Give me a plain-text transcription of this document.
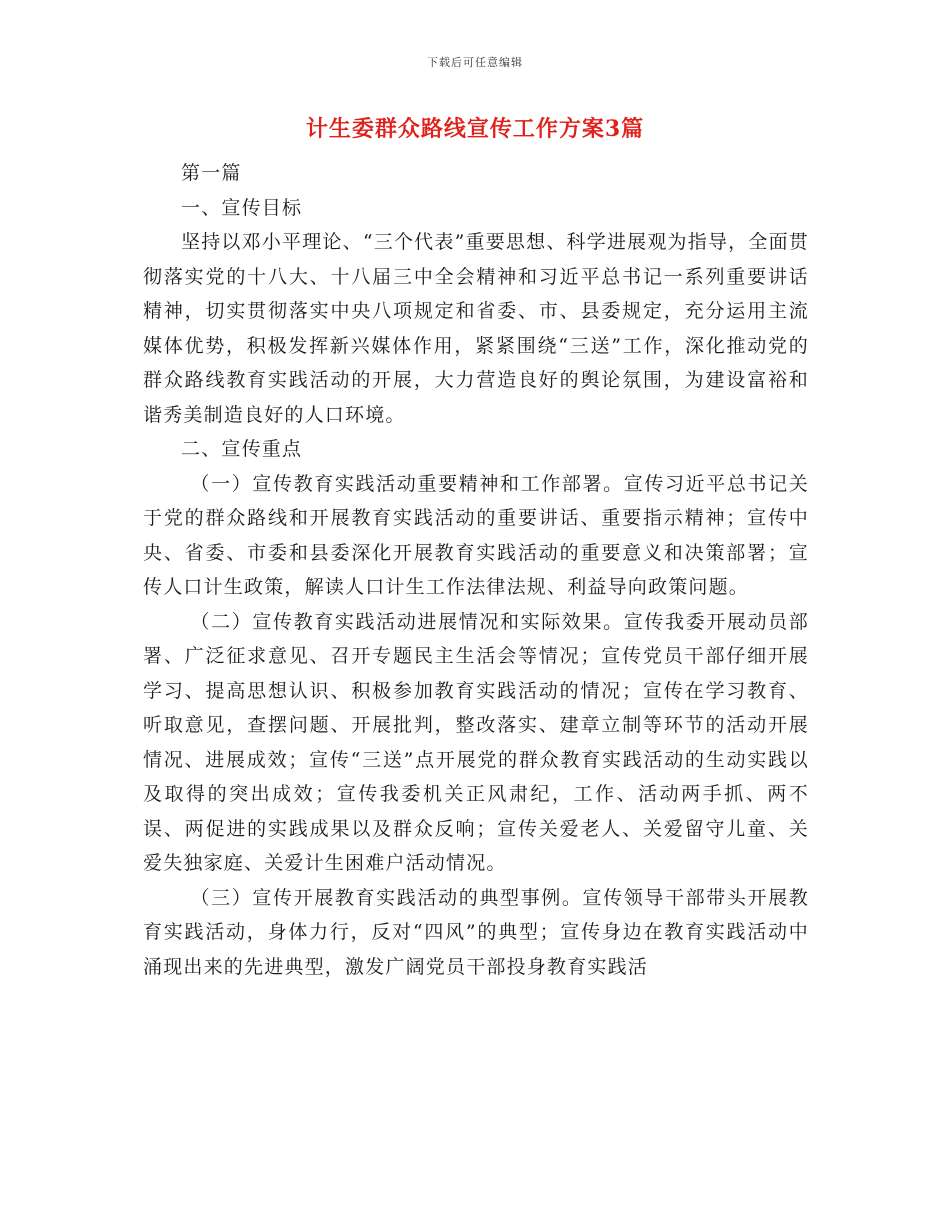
下载后可任意编辑
计生委群众路线宣传工作方案3篇

第一篇

一、宣传目标

坚持以邓小平理论、“三个代表”重要思想、科学进展观为指导，全面贯彻落实党的十八大、十八届三中全会精神和习近平总书记一系列重要讲话精神，切实贯彻落实中央八项规定和省委、市、县委规定，充分运用主流媒体优势，积极发挥新兴媒体作用，紧紧围绕“三送”工作，深化推动党的群众路线教育实践活动的开展，大力营造良好的舆论氛围，为建设富裕和谐秀美制造良好的人口环境。

二、宣传重点

（一）宣传教育实践活动重要精神和工作部署。宣传习近平总书记关于党的群众路线和开展教育实践活动的重要讲话、重要指示精神；宣传中央、省委、市委和县委深化开展教育实践活动的重要意义和决策部署；宣传人口计生政策，解读人口计生工作法律法规、利益导向政策问题。

（二）宣传教育实践活动进展情况和实际效果。宣传我委开展动员部署、广泛征求意见、召开专题民主生活会等情况；宣传党员干部仔细开展学习、提高思想认识、积极参加教育实践活动的情况；宣传在学习教育、听取意见，查摆问题、开展批判，整改落实、建章立制等环节的活动开展情况、进展成效；宣传“三送”点开展党的群众教育实践活动的生动实践以及取得的突出成效；宣传我委机关正风肃纪，工作、活动两手抓、两不误、两促进的实践成果以及群众反响；宣传关爱老人、关爱留守儿童、关爱失独家庭、关爱计生困难户活动情况。

（三）宣传开展教育实践活动的典型事例。宣传领导干部带头开展教育实践活动，身体力行，反对“四风”的典型；宣传身边在教育实践活动中涌现出来的先进典型，激发广阔党员干部投身教育实践活
